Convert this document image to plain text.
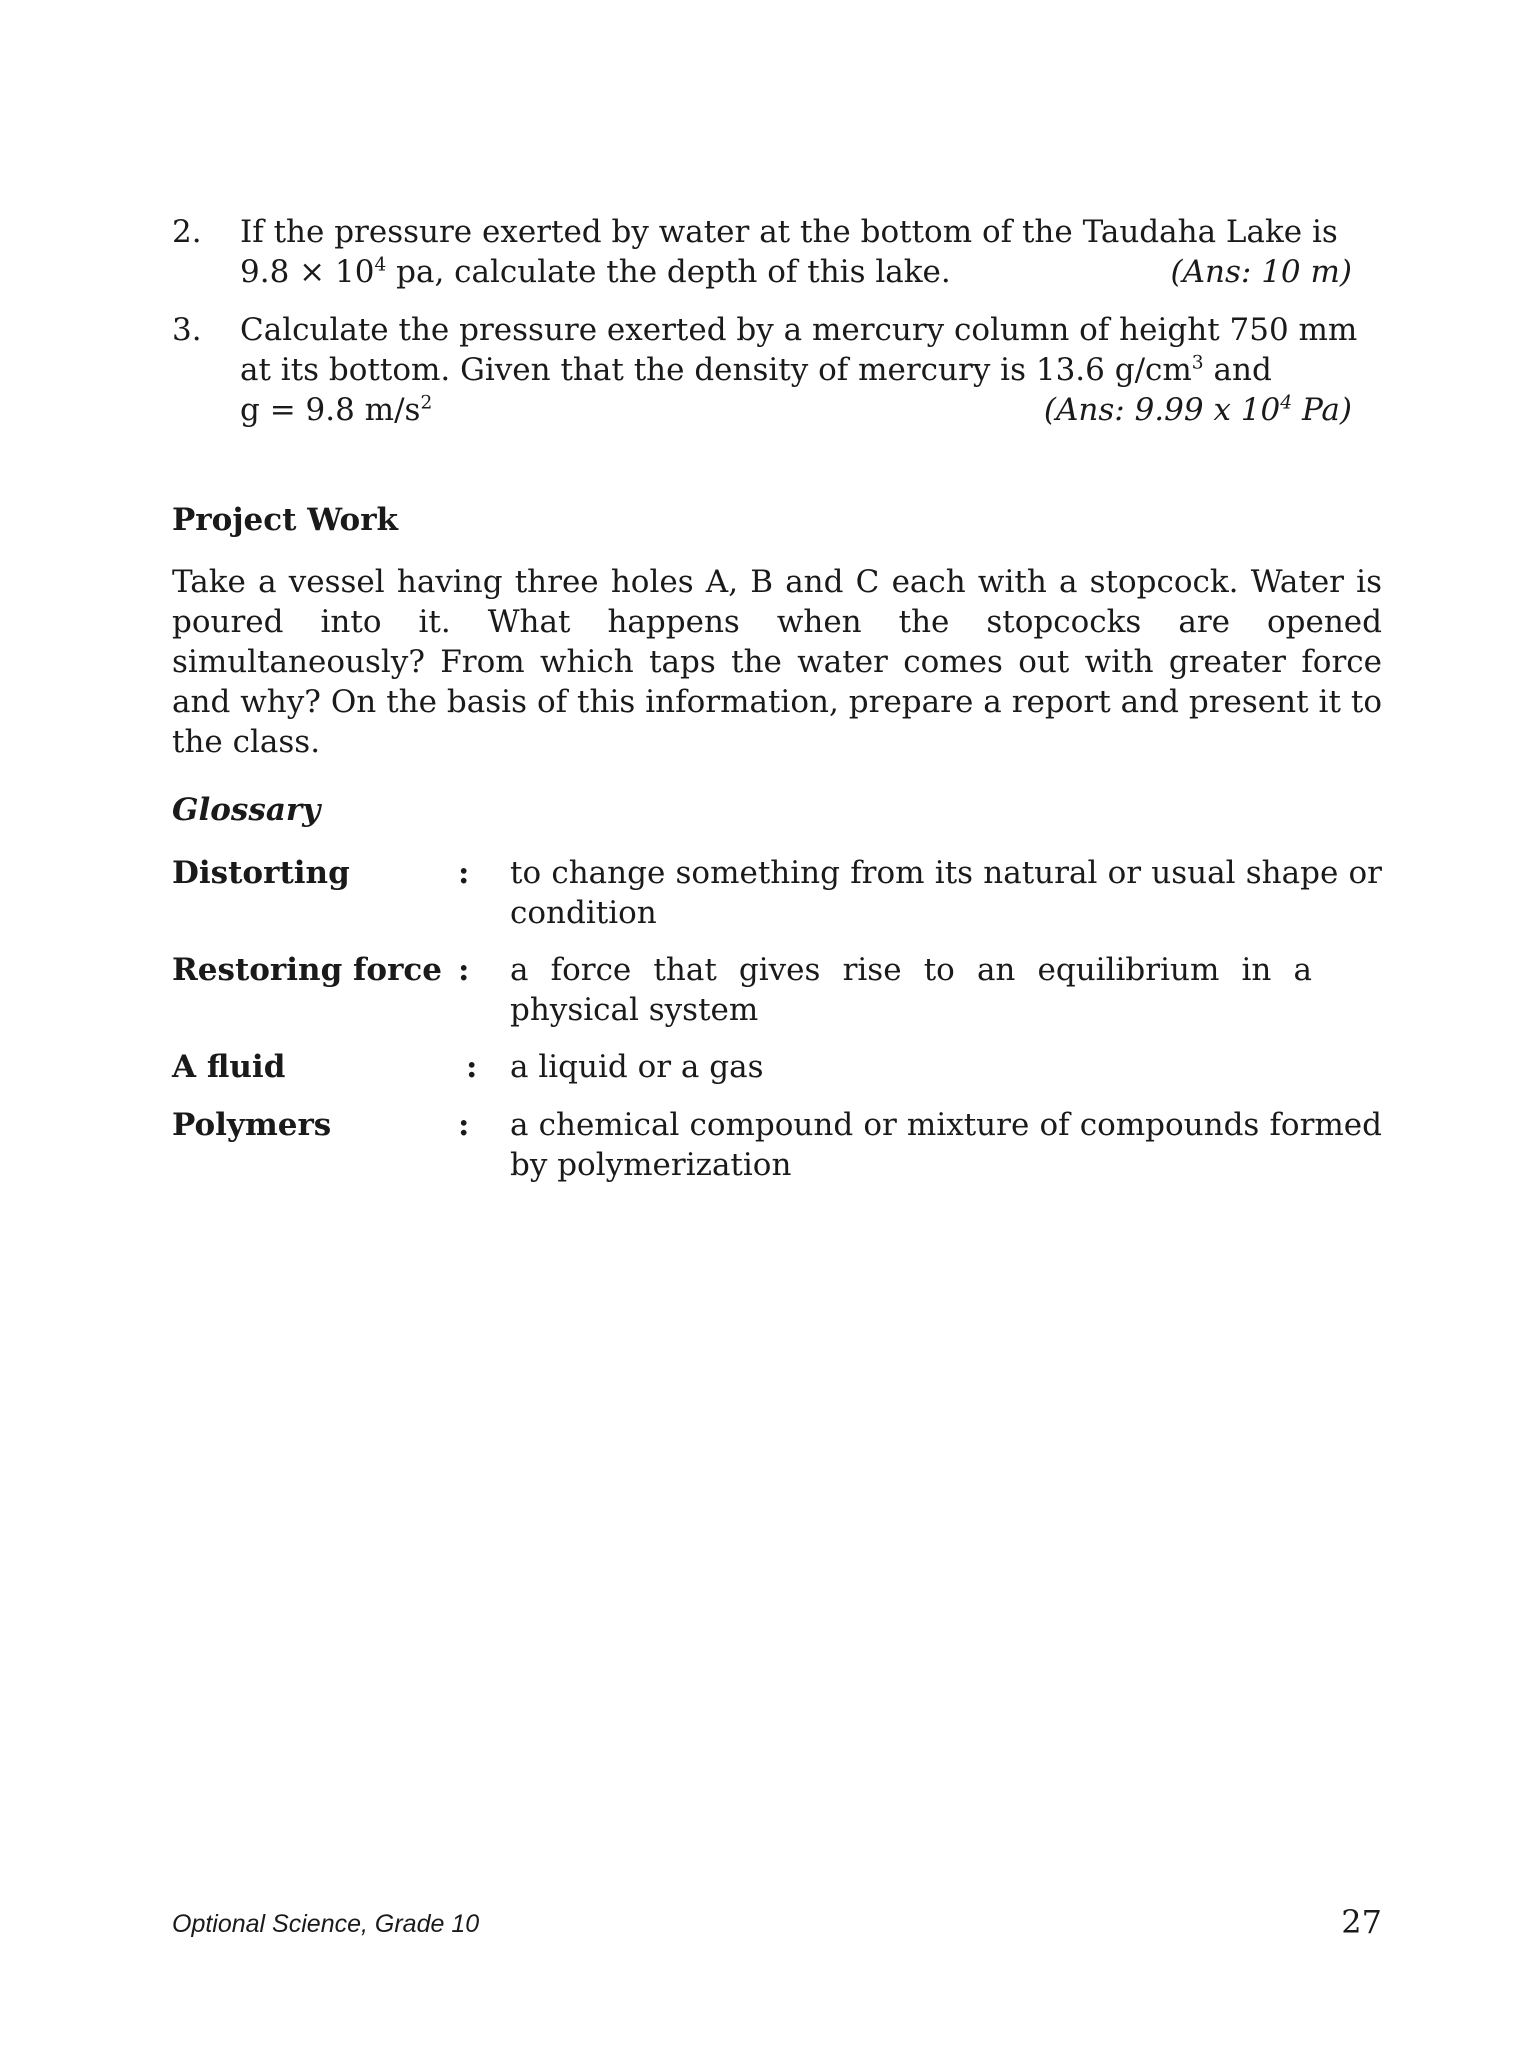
2. If the pressure exerted by water at the bottom of the Taudaha Lake is
$9.8 \times 10^4$ pa, calculate the depth of this lake.	(Ans: 10 m)
3. Calculate the pressure exerted by a mercury column of height 750 mm
at its bottom. Given that the density of mercury is 13.6 $g/cm^3$ and
g = 9.8 $m/s^2$	(Ans: 9.99 x $10^4$ Pa)
Project Work
Take a vessel having three holes A, B and C each with a stopcock. Water is poured into it. What happens when the stopcocks are opened simultaneously? From which taps the water comes out with greater force and why? On the basis of this information, prepare a report and present it to the class.
Glossary
Distorting	: to change something from its natural or usual shape or condition
Restoring force : a force that gives rise to an equilibrium in a physical system
A fluid	: a liquid or a gas
Polymers	: a chemical compound or mixture of compounds formed by polymerization
Optional Science, Grade 10	27
